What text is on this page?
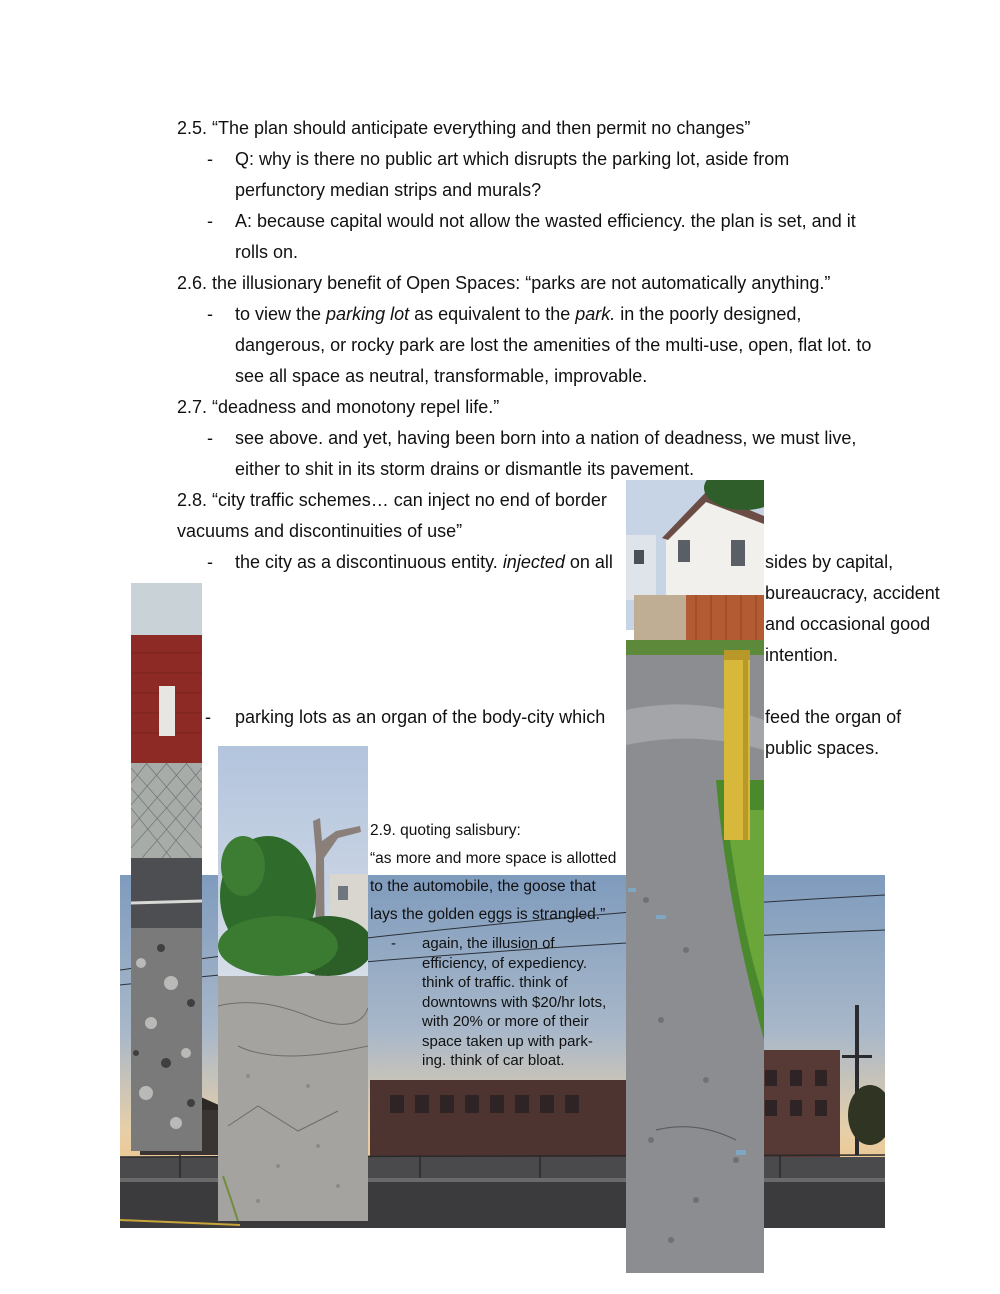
2.5. “The plan should anticipate everything and then permit no changes”
- Q: why is there no public art which disrupts the parking lot, aside from
perfunctory median strips and murals?
- A: because capital would not allow the wasted efficiency. the plan is set, and it
rolls on.
2.6. the illusionary benefit of Open Spaces: “parks are not automatically anything.”
- to view the parking lot as equivalent to the park. in the poorly designed,
dangerous, or rocky park are lost the amenities of the multi-use, open, flat lot. to
see all space as neutral, transformable, improvable.
2.7. “deadness and monotony repel life.”
- see above. and yet, having been born into a nation of deadness, we must live,
either to shit in its storm drains or dismantle its pavement.
2.8. “city traffic schemes… can inject no end of border
vacuums and discontinuities of use”
- the city as a discontinuous entity. injected on all	sides by capital,
bureaucracy, accident
and occasional good
intention.
- parking lots as an organ of the body-city which	feed the organ of
public spaces.
2.9. quoting salisbury:
“as more and more space is allotted
to the automobile, the goose that
lays the golden eggs is strangled.”
- again, the illusion of
efficiency, of expediency.
think of traffic. think of
downtowns with $20/hr lots,
with 20% or more of their
space taken up with park-
ing. think of car bloat.
